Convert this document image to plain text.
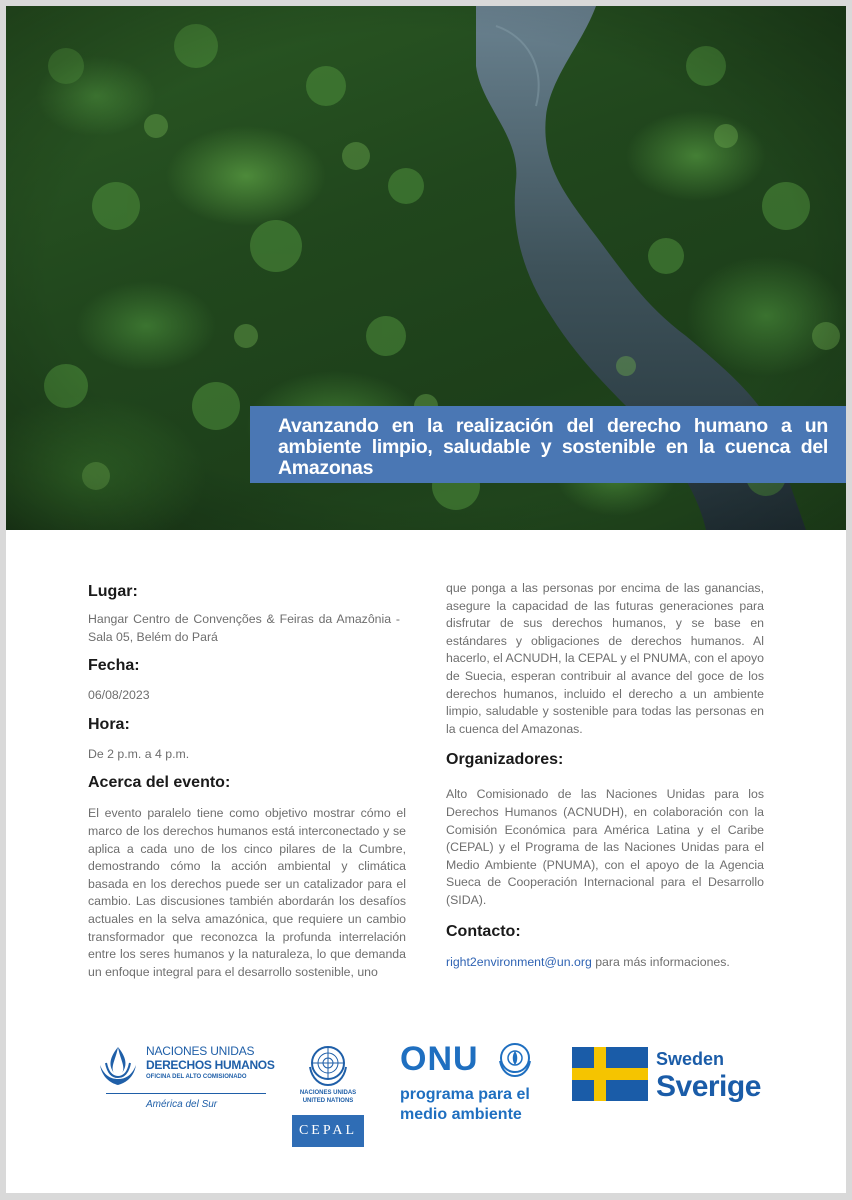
Avanzando en la realización del derecho humano a un ambiente limpio, saludable y sostenible en la cuenca del Amazonas
Lugar:
Hangar Centro de Convenções & Feiras da Amazônia - Sala 05, Belém do Pará
Fecha:
06/08/2023
Hora:
De 2 p.m. a 4 p.m.
Acerca del evento:
El evento paralelo tiene como objetivo mostrar cómo el marco de los derechos humanos está interconectado y se aplica a cada uno de los cinco pilares de la Cumbre, demostrando cómo la acción ambiental y climática basada en los derechos puede ser un catalizador para el cambio. Las discusiones también abordarán los desafíos actuales en la selva amazónica, que requiere un cambio transformador que reconozca la profunda interrelación entre los seres humanos y la naturaleza, lo que demanda un enfoque integral para el desarrollo sostenible, uno
que ponga a las personas por encima de las ganancias, asegure la capacidad de las futuras generaciones para disfrutar de sus derechos humanos, y se base en estándares y obligaciones de derechos humanos. Al hacerlo, el ACNUDH, la CEPAL y el PNUMA, con el apoyo de Suecia, esperan contribuir al avance del goce de los derechos humanos, incluido el derecho a un ambiente limpio, saludable y sostenible para todas las personas en la cuenca del Amazonas.
Organizadores:
Alto Comisionado de las Naciones Unidas para los Derechos Humanos (ACNUDH), en colaboración con la Comisión Económica para América Latina y el Caribe (CEPAL) y el Programa de las Naciones Unidas para el Medio Ambiente (PNUMA), con el apoyo de la Agencia Sueca de Cooperación Internacional para el Desarrollo (SIDA).
Contacto:
right2environment@un.org para más informaciones.
NACIONES UNIDAS
DERECHOS HUMANOS
OFICINA DEL ALTO COMISIONADO
América del Sur
NACIONES UNIDAS
UNITED NATIONS
CEPAL
ONU
programa para el
medio ambiente
Sweden
Sverige
